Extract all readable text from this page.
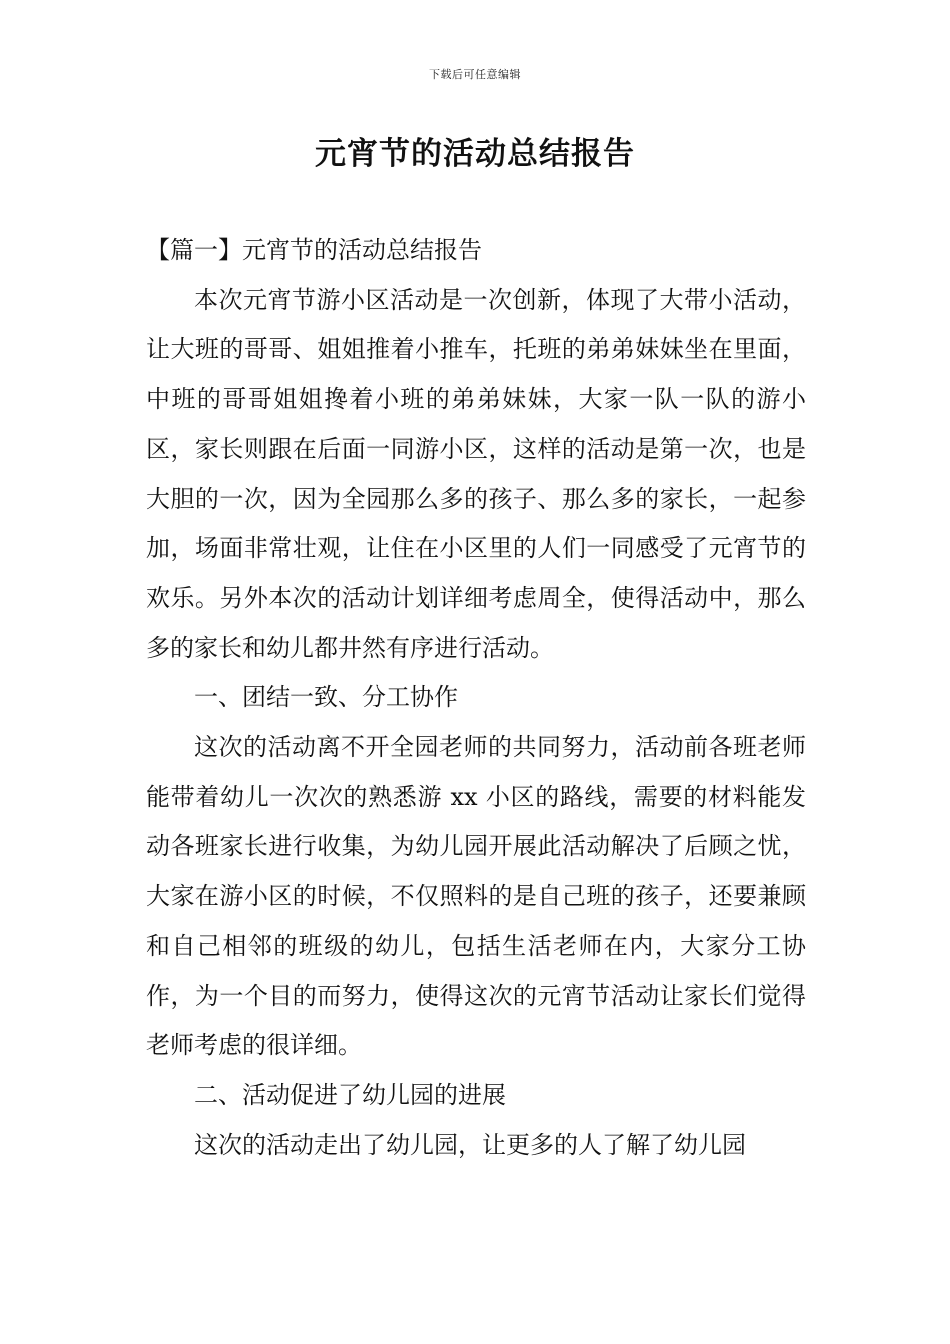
下载后可任意编辑
元宵节的活动总结报告

【篇一】元宵节的活动总结报告

本次元宵节游小区活动是一次创新，体现了大带小活动，让大班的哥哥、姐姐推着小推车，托班的弟弟妹妹坐在里面，中班的哥哥姐姐搀着小班的弟弟妹妹，大家一队一队的游小区，家长则跟在后面一同游小区，这样的活动是第一次，也是大胆的一次，因为全园那么多的孩子、那么多的家长，一起参加，场面非常壮观，让住在小区里的人们一同感受了元宵节的欢乐。另外本次的活动计划详细考虑周全，使得活动中，那么多的家长和幼儿都井然有序进行活动。

一、团结一致、分工协作

这次的活动离不开全园老师的共同努力，活动前各班老师能带着幼儿一次次的熟悉游 xx 小区的路线，需要的材料能发动各班家长进行收集，为幼儿园开展此活动解决了后顾之忧，大家在游小区的时候，不仅照料的是自己班的孩子，还要兼顾和自己相邻的班级的幼儿，包括生活老师在内，大家分工协作，为一个目的而努力，使得这次的元宵节活动让家长们觉得老师考虑的很详细。

二、活动促进了幼儿园的进展

这次的活动走出了幼儿园，让更多的人了解了幼儿园
